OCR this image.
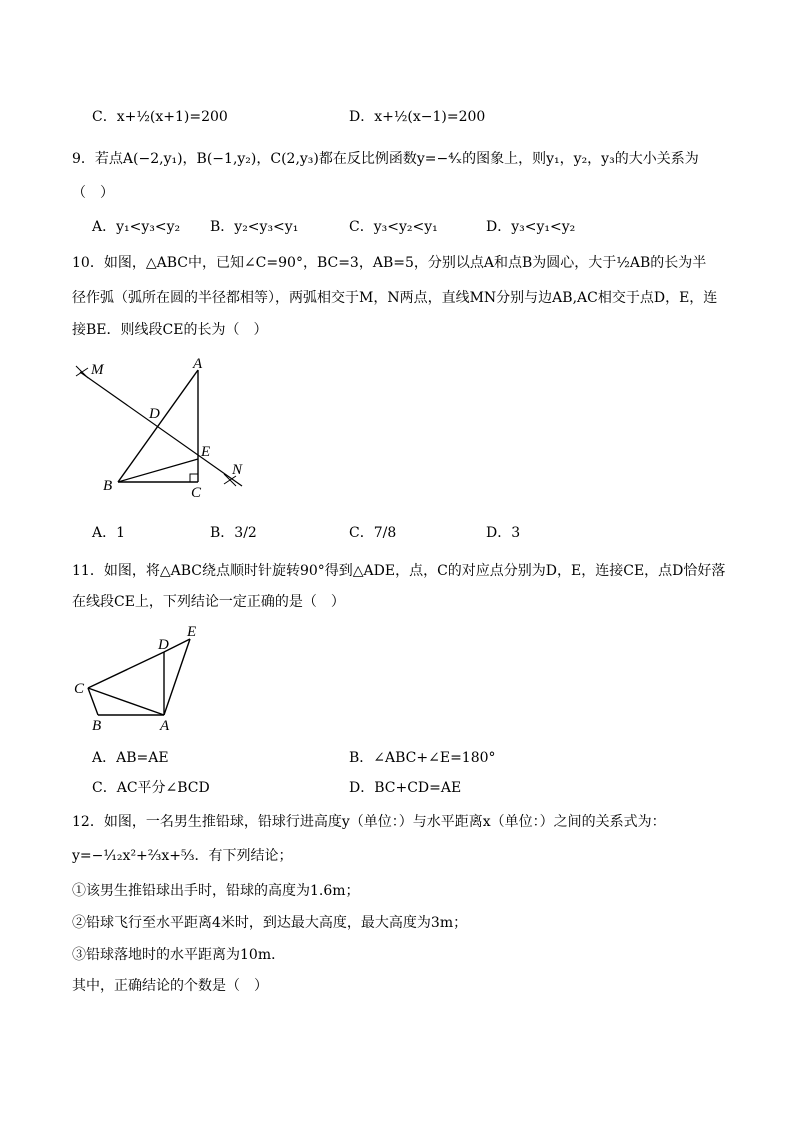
C．x+½(x+1)=200	D．x+½(x−1)=200
9．若点A(−2,y₁)，B(−1,y₂)，C(2,y₃)都在反比例函数y=−⁴⁄ₓ的图象上，则y₁，y₂，y₃的大小关系为
（　）
A．y₁<y₃<y₂ B．y₂<y₃<y₁	C．y₃<y₂<y₁	D．y₃<y₁<y₂
10．如图，△ABC中，已知∠C=90°，BC=3，AB=5，分别以点A和点B为圆心，大于½AB的长为半
径作弧（弧所在圆的半径都相等），两弧相交于M，N两点，直线MN分别与边AB,AC相交于点D，E，连
接BE．则线段CE的长为（　）
M	A
D
E
N
B	C
A．1	B．3/2	C．7/8	D．3
11．如图，将△ABC绕点顺时针旋转90°得到△ADE，点，C的对应点分别为D，E，连接CE，点D恰好落
在线段CE上，下列结论一定正确的是（　）
D
E
C
B	A
A．AB=AE	B．∠ABC+∠E=180°
C．AC平分∠BCD	D．BC+CD=AE
12．如图，一名男生推铅球，铅球行进高度y（单位：）与水平距离x（单位：）之间的关系式为：
y=−¹⁄₁₂x²+⅔x+⁵⁄₃．有下列结论；
①该男生推铅球出手时，铅球的高度为1.6m；
②铅球飞行至水平距离4米时，到达最大高度，最大高度为3m；
③铅球落地时的水平距离为10m．
其中，正确结论的个数是（　）
